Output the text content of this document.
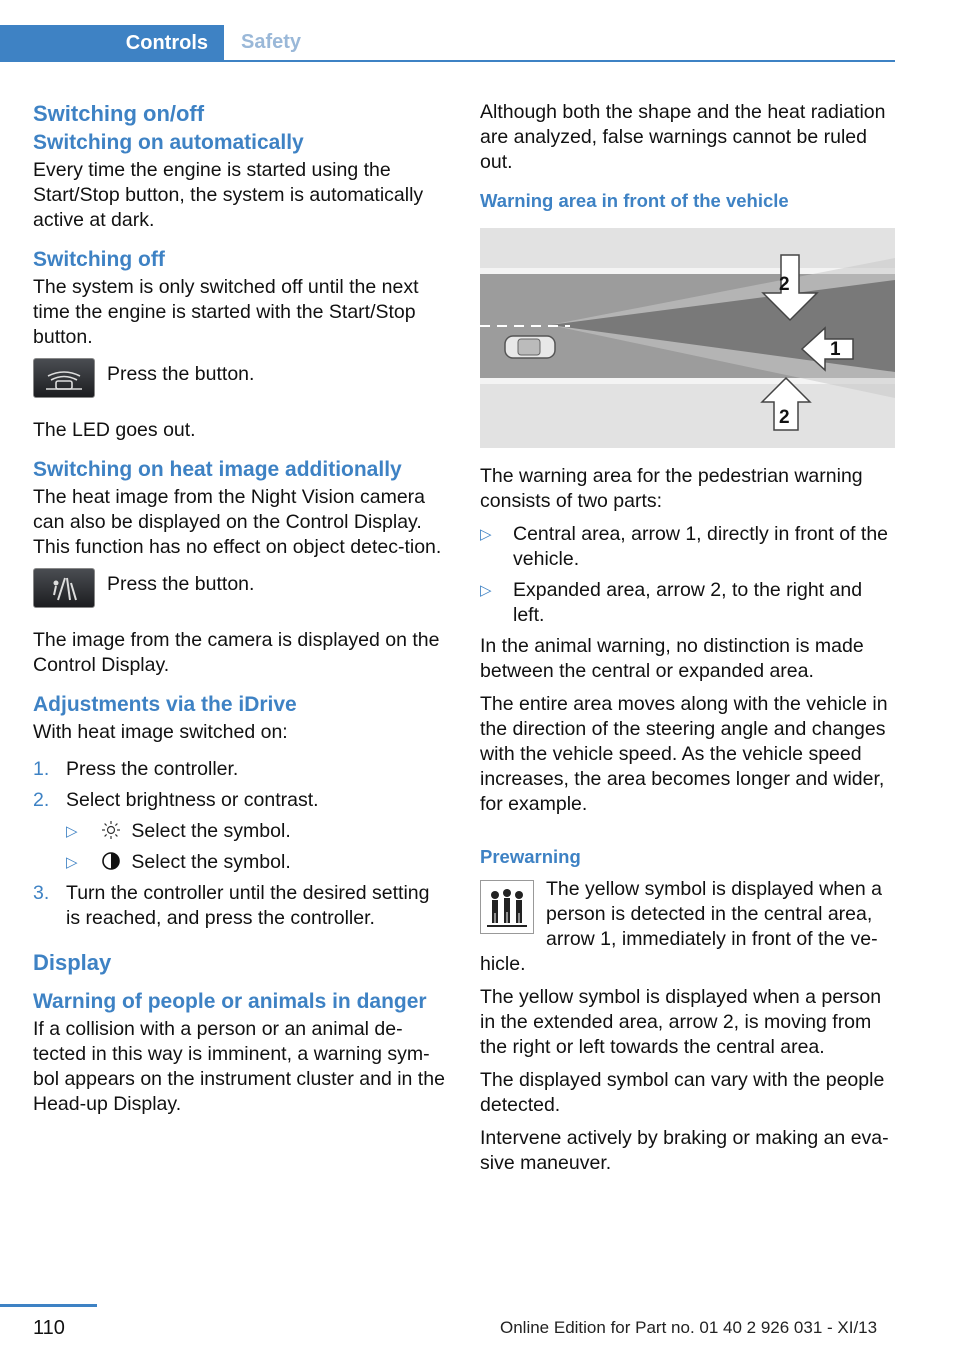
Controls	Safety
Switching on/off
Switching on automatically

Every time the engine is started using the Start/Stop button, the system is automatically active at dark.

Switching off

The system is only switched off until the next time the engine is started with the Start/Stop button.

Press the button.

The LED goes out.

Switching on heat image additionally

The heat image from the Night Vision camera can also be displayed on the Control Display. This function has no effect on object detec‐tion.

Press the button.

The image from the camera is displayed on the Control Display.

Adjustments via the iDrive

With heat image switched on:

1. Press the controller.
2. Select brightness or contrast.
▷	Select the symbol.
▷	Select the symbol.
3. Turn the controller until the desired setting is reached, and press the controller.
Display
Warning of people or animals in danger

If a collision with a person or an animal de‐tected in this way is imminent, a warning sym‐bol appears on the instrument cluster and in the Head-up Display.

Although both the shape and the heat radiation are analyzed, false warnings cannot be ruled out.

Warning area in front of the vehicle
1
2
2

The warning area for the pedestrian warning consists of two parts:

▷ Central area, arrow 1, directly in front of the vehicle.
▷ Expanded area, arrow 2, to the right and left.

In the animal warning, no distinction is made between the central or expanded area.

The entire area moves along with the vehicle in the direction of the steering angle and changes with the vehicle speed. As the vehicle speed increases, the area becomes longer and wider, for example.

Prewarning

The yellow symbol is displayed when a person is detected in the central area, arrow 1, immediately in front of the ve‐hicle.

The yellow symbol is displayed when a person in the extended area, arrow 2, is moving from the right or left towards the central area.

The displayed symbol can vary with the people detected.

Intervene actively by braking or making an eva‐sive maneuver.

110	Online Edition for Part no. 01 40 2 926 031 - XI/13
